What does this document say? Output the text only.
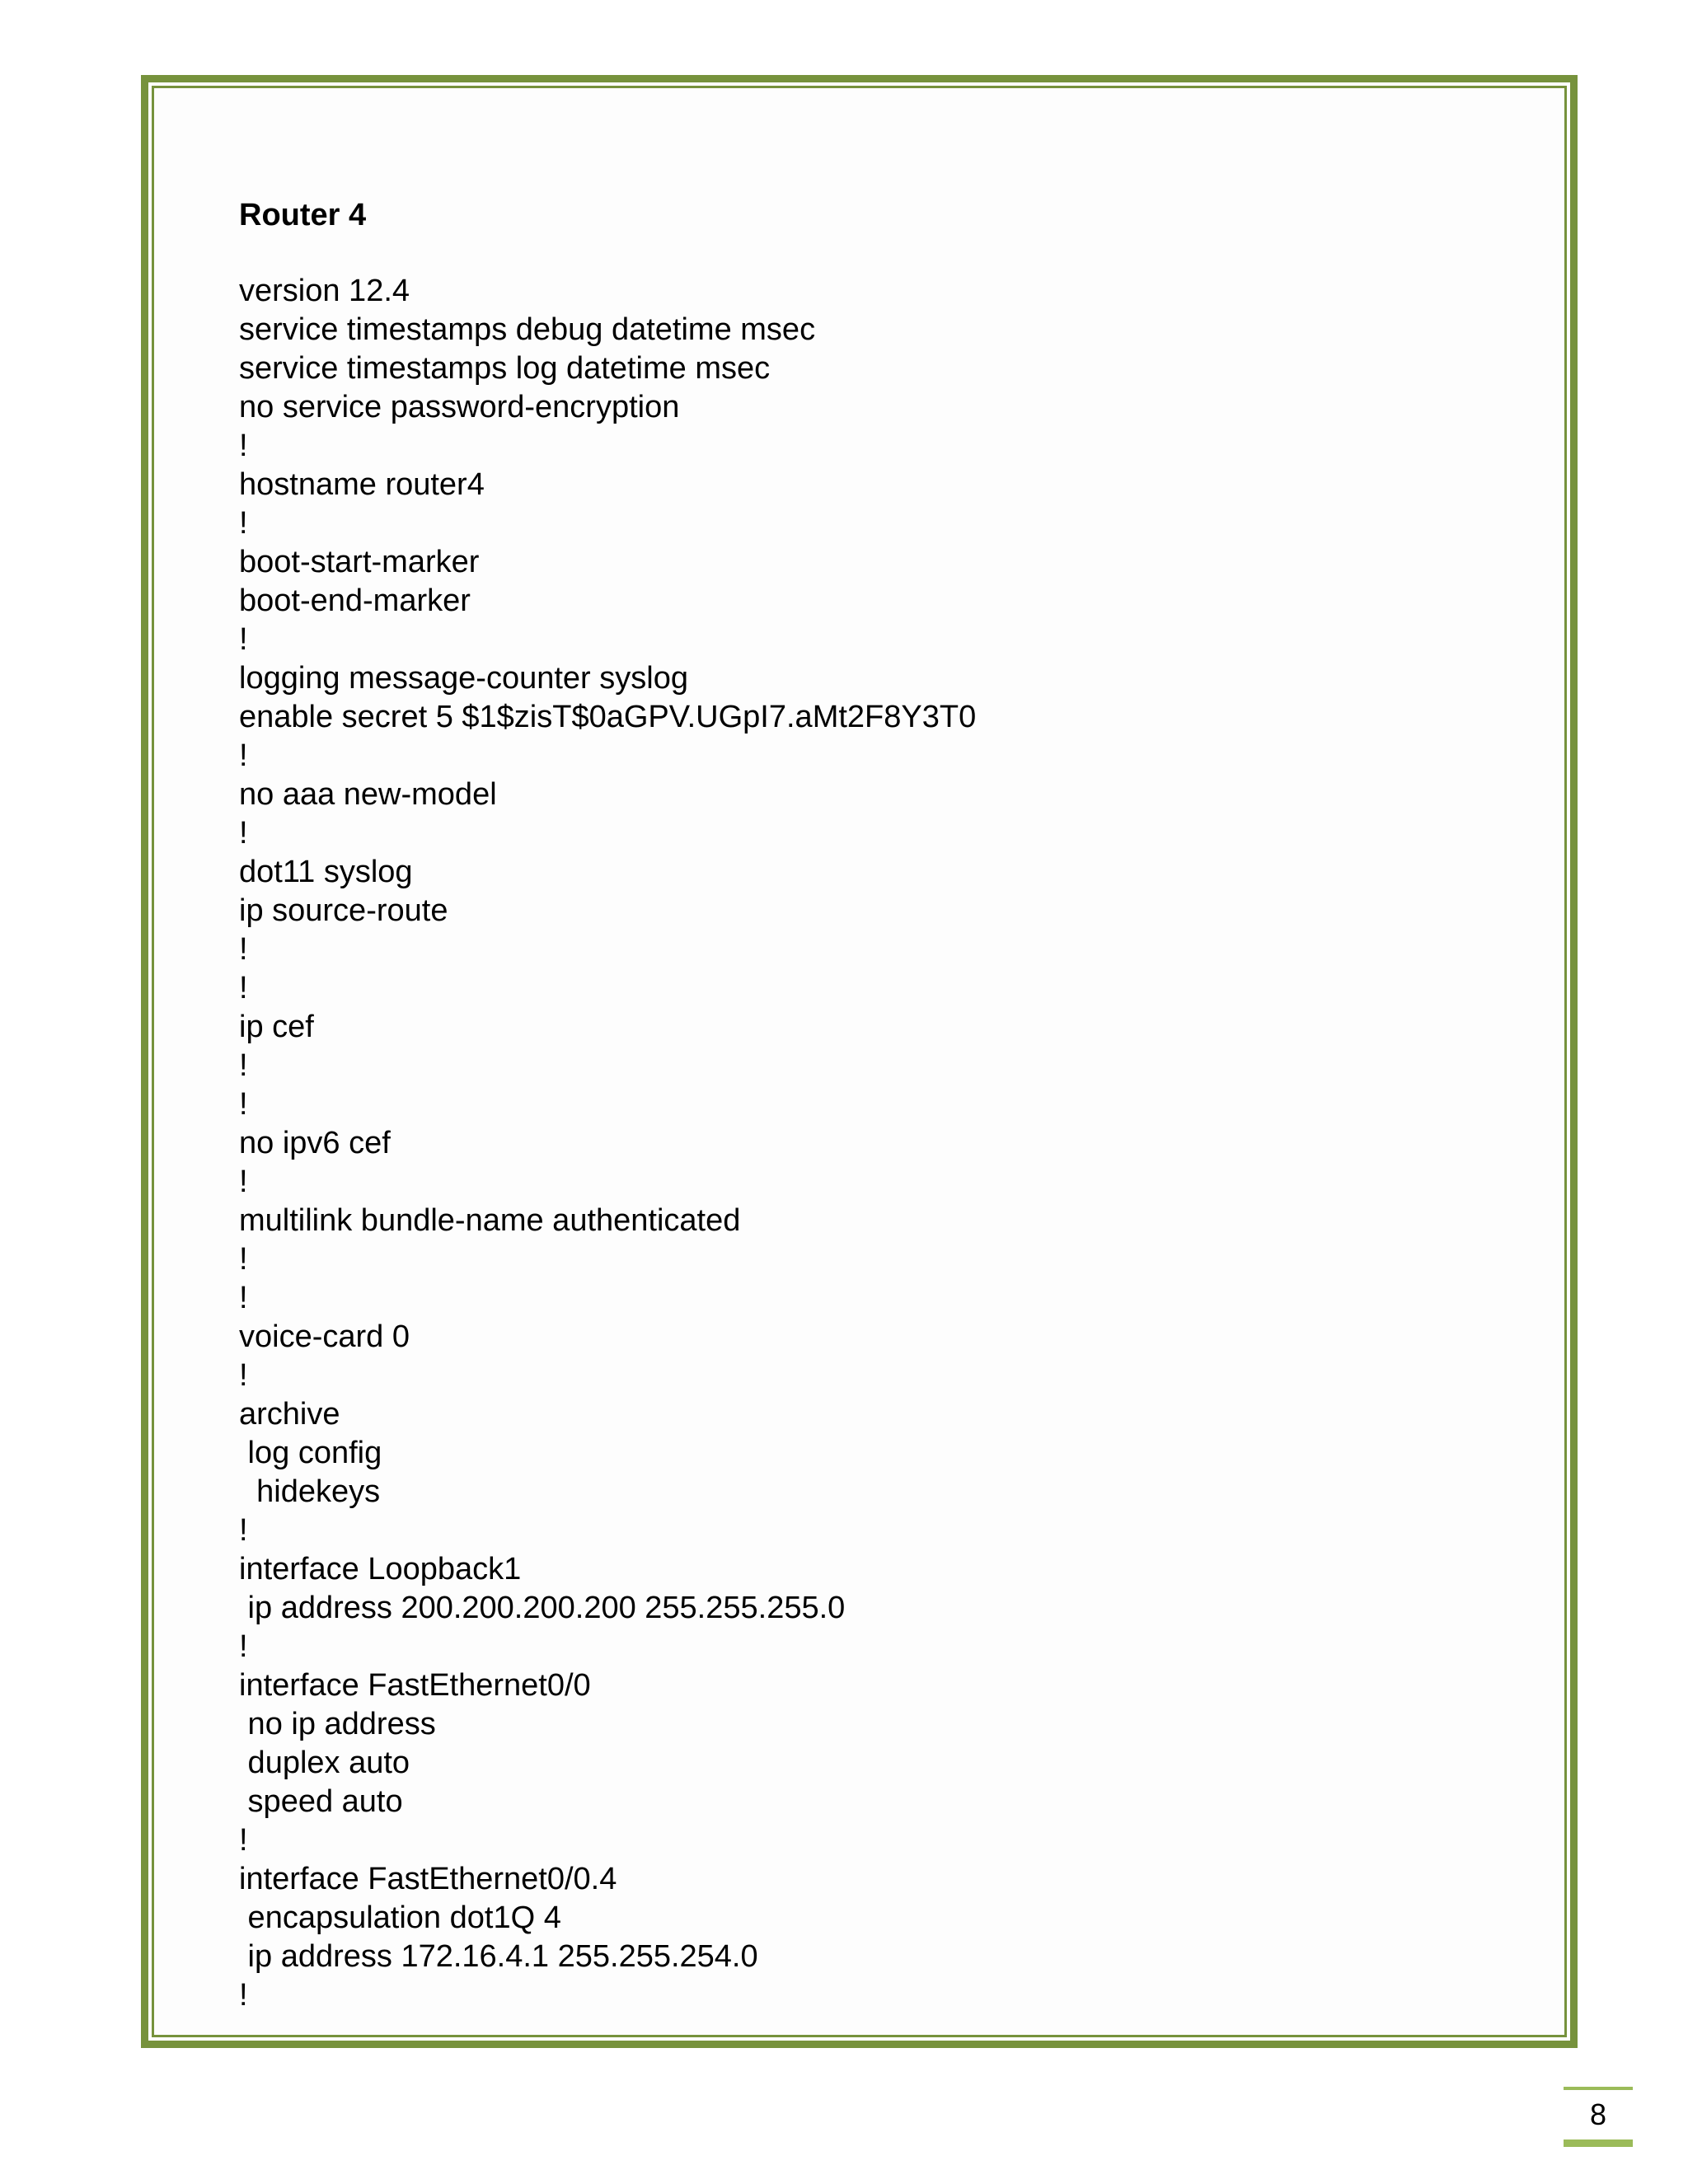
Router 4
version 12.4
service timestamps debug datetime msec
service timestamps log datetime msec
no service password-encryption
!
hostname router4
!
boot-start-marker
boot-end-marker
!
logging message-counter syslog
enable secret 5 $1$zisT$0aGPV.UGpI7.aMt2F8Y3T0
!
no aaa new-model
!
dot11 syslog
ip source-route
!
!
ip cef
!
!
no ipv6 cef
!
multilink bundle-name authenticated
!
!
voice-card 0
!
archive
log config
hidekeys
!
interface Loopback1
ip address 200.200.200.200 255.255.255.0
!
interface FastEthernet0/0
no ip address
duplex auto
speed auto
!
interface FastEthernet0/0.4
encapsulation dot1Q 4
ip address 172.16.4.1 255.255.254.0
!
8
